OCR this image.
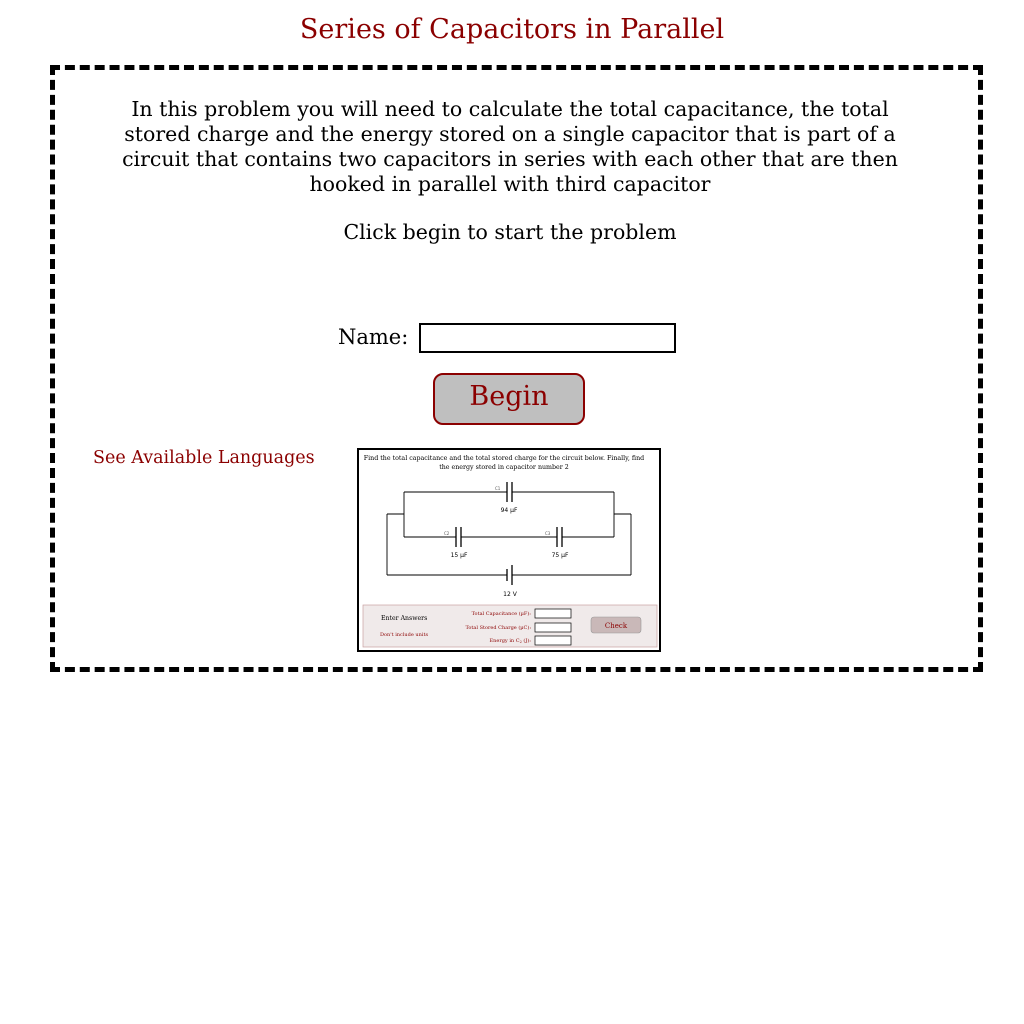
Series of Capacitors in Parallel
In this problem you will need to calculate the total capacitance, the total stored charge and the energy stored on a single capacitor that is part of a circuit that contains two capacitors in series with each other that are then hooked in parallel with third capacitor
Click begin to start the problem
Name:
Begin
See Available Languages	Find the total capacitance and the total stored charge for the circuit below. Finally, find
the energy stored in capacitor number 2
C1
94 µF
C2
15 µF
C3
75 µF
12 V
Enter Answers
Don't include units
Total Capacitance (µF):
Total Stored Charge (µC):
Energy in $C_2$ (J):
Check
